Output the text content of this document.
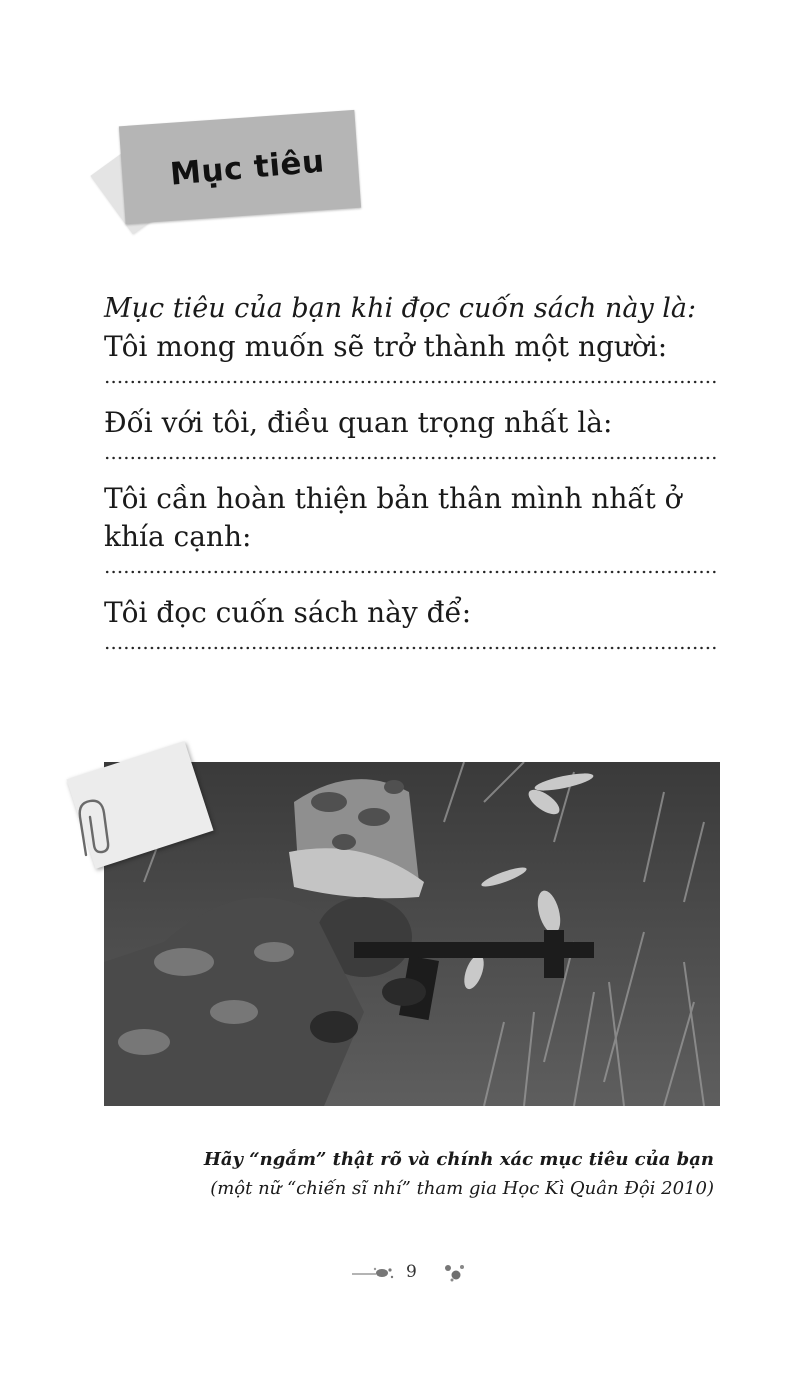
Mục tiêu

Mục tiêu của bạn khi đọc cuốn sách này là:

Tôi mong muốn sẽ trở thành một người:

Đối với tôi, điều quan trọng nhất là:

Tôi cần hoàn thiện bản thân mình nhất ở khía cạnh:

Tôi đọc cuốn sách này để:

Hãy “ngắm” thật rõ và chính xác mục tiêu của bạn
(một nữ “chiến sĩ nhí” tham gia Học Kì Quân Đội 2010)
9
